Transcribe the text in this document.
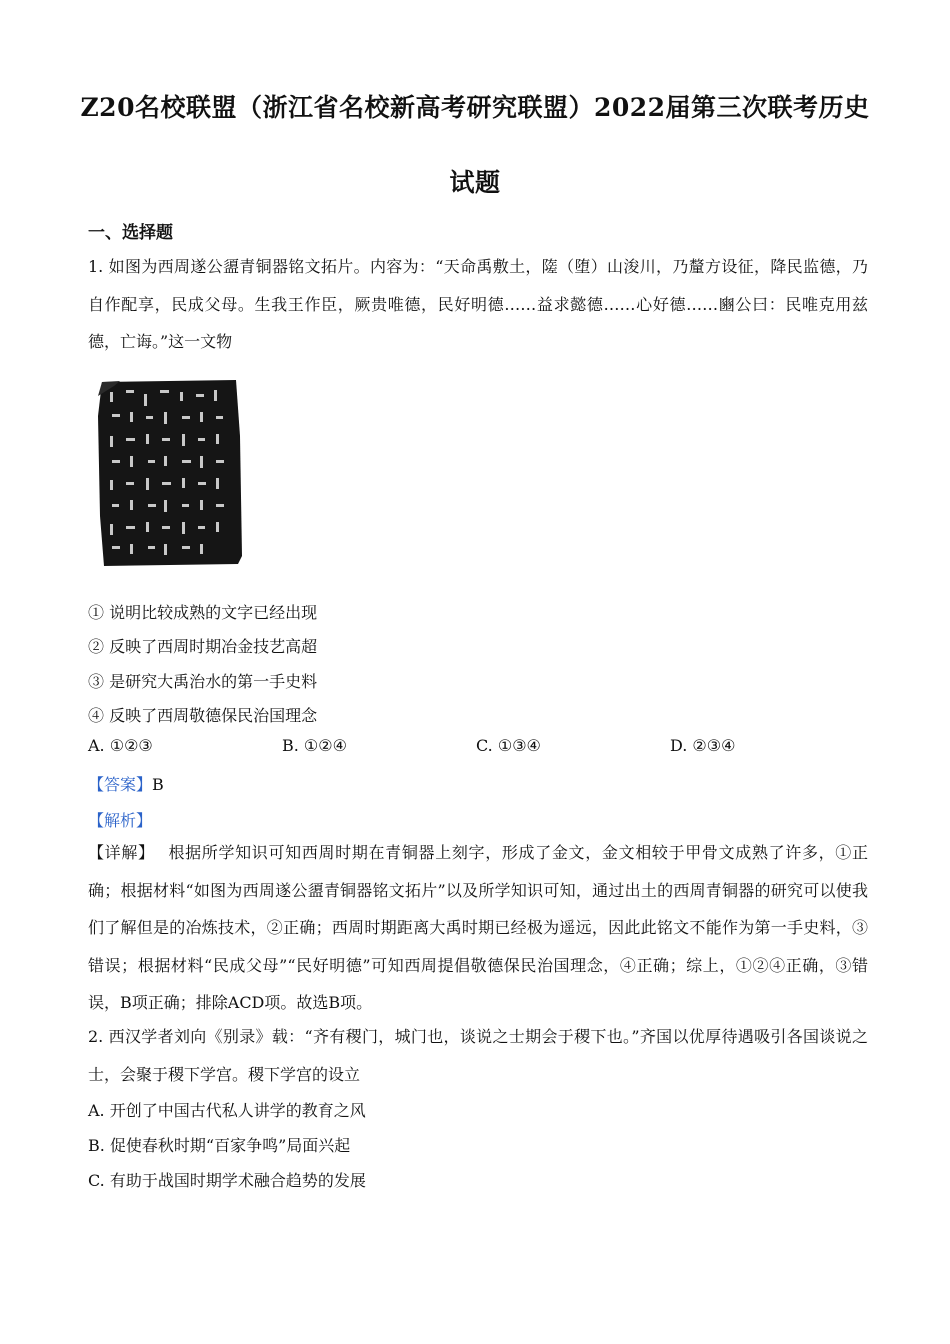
Z20名校联盟（浙江省名校新高考研究联盟）2022届第三次联考历史
试题
一、选择题
1. 如图为西周遂公盨青铜器铭文拓片。内容为：“天命禹敷土，隓（堕）山浚川，乃釐方设征，降民监德，乃自作配享，民成父母。生我王作臣，厥贵唯德，民好明德……益求懿德……心好德……豳公曰：民唯克用兹德，亡诲。”这一文物
① 说明比较成熟的文字已经出现
② 反映了西周时期冶金技艺高超
③ 是研究大禹治水的第一手史料
④ 反映了西周敬德保民治国理念
A. ①②③	B. ①②④	C. ①③④	D. ②③④
【答案】B
【解析】
【详解】 根据所学知识可知西周时期在青铜器上刻字，形成了金文，金文相较于甲骨文成熟了许多，①正确；根据材料“如图为西周遂公盨青铜器铭文拓片”以及所学知识可知，通过出土的西周青铜器的研究可以使我们了解但是的冶炼技术，②正确；西周时期距离大禹时期已经极为遥远，因此此铭文不能作为第一手史料，③错误；根据材料“民成父母”“民好明德”可知西周提倡敬德保民治国理念，④正确；综上，①②④正确，③错误，B项正确；排除ACD项。故选B项。
2. 西汉学者刘向《别录》载：“齐有稷门，城门也，谈说之士期会于稷下也。”齐国以优厚待遇吸引各国谈说之士，会聚于稷下学宫。稷下学宫的设立
A. 开创了中国古代私人讲学的教育之风
B. 促使春秋时期“百家争鸣”局面兴起
C. 有助于战国时期学术融合趋势的发展
